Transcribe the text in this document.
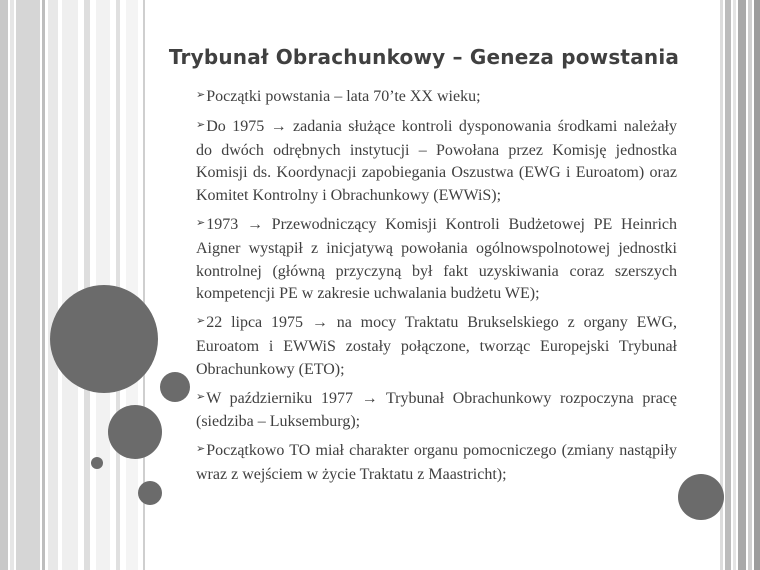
Trybunał Obrachunkowy – Geneza powstania

➢Początki powstania – lata 70’te XX wieku;

➢Do 1975 → zadania służące kontroli dysponowania środkami należały do dwóch odrębnych instytucji – Powołana przez Komisję jednostka Komisji ds. Koordynacji zapobiegania Oszustwa (EWG i Euroatom) oraz Komitet Kontrolny i Obrachunkowy (EWWiS);

➢1973 → Przewodniczący Komisji Kontroli Budżetowej PE Heinrich Aigner wystąpił z inicjatywą powołania ogólnowspolnotowej jednostki kontrolnej (główną przyczyną był fakt uzyskiwania coraz szerszych kompetencji PE w zakresie uchwalania budżetu WE);

➢22 lipca 1975 → na mocy Traktatu Brukselskiego z organy EWG, Euroatom i EWWiS zostały połączone, tworząc Europejski Trybunał Obrachunkowy (ETO);

➢W październiku 1977 → Trybunał Obrachunkowy rozpoczyna pracę (siedziba – Luksemburg);

➢Początkowo TO miał charakter organu pomocniczego (zmiany nastąpiły wraz z wejściem w życie Traktatu z Maastricht);
